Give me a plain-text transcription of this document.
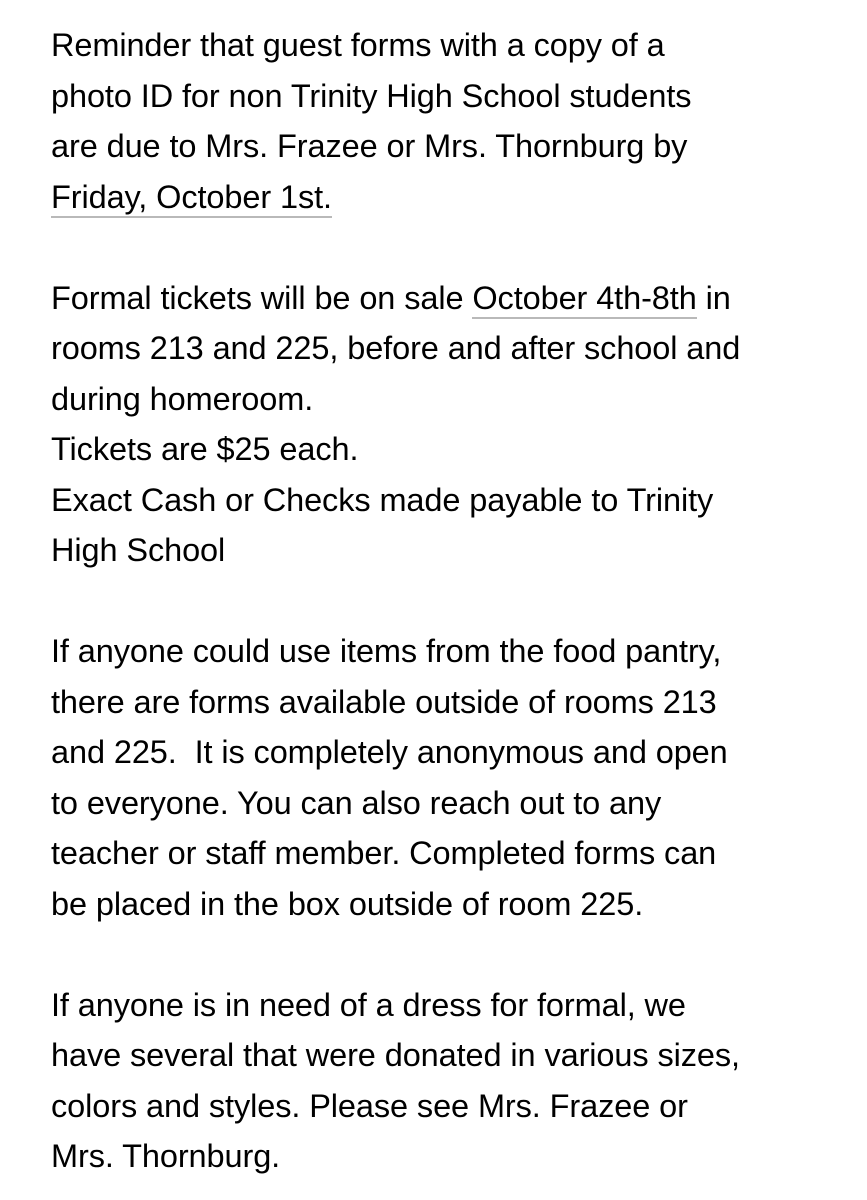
Reminder that guest forms with a copy of a
photo ID for non Trinity High School students
are due to Mrs. Frazee or Mrs. Thornburg by
Friday, October 1st.
Formal tickets will be on sale October 4th-8th in
rooms 213 and 225, before and after school and
during homeroom.
Tickets are $25 each.
Exact Cash or Checks made payable to Trinity
High School
If anyone could use items from the food pantry,
there are forms available outside of rooms 213
and 225.  It is completely anonymous and open
to everyone. You can also reach out to any
teacher or staff member. Completed forms can
be placed in the box outside of room 225.
If anyone is in need of a dress for formal, we
have several that were donated in various sizes,
colors and styles. Please see Mrs. Frazee or
Mrs. Thornburg.
